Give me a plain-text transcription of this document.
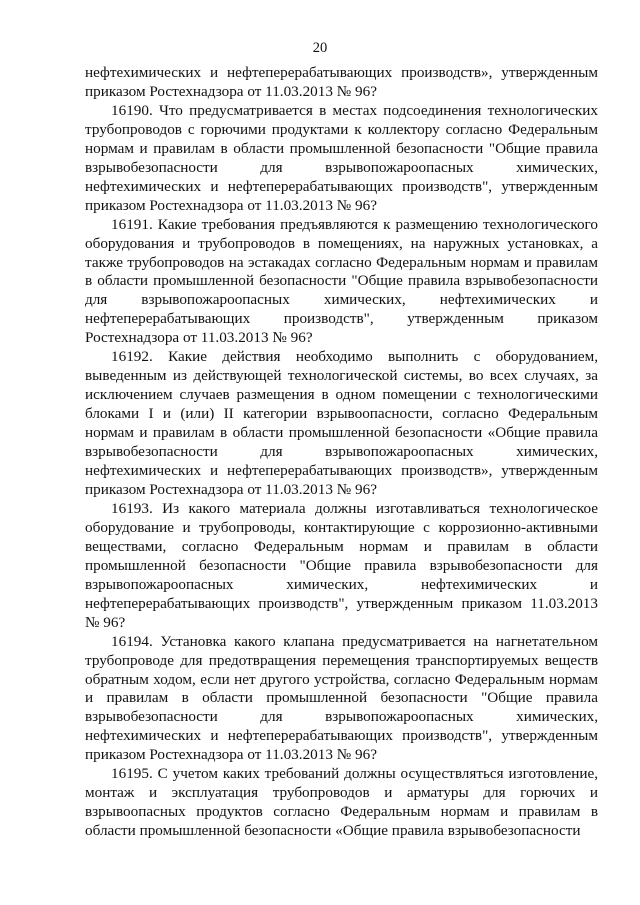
20

нефтехимических и нефтеперерабатывающих производств», утвержденным приказом Ростехнадзора от 11.03.2013 № 96?

16190. Что предусматривается в местах подсоединения технологических трубопроводов с горючими продуктами к коллектору согласно Федеральным нормам и правилам в области промышленной безопасности "Общие правила взрывобезопасности для взрывопожароопасных химических, нефтехимических и нефтеперерабатывающих производств", утвержденным приказом Ростехнадзора от 11.03.2013 № 96?

16191. Какие требования предъявляются к размещению технологического оборудования и трубопроводов в помещениях, на наружных установках, а также трубопроводов на эстакадах согласно Федеральным нормам и правилам в области промышленной безопасности "Общие правила взрывобезопасности для взрывопожароопасных химических, нефтехимических и нефтеперерабатывающих производств", утвержденным приказом Ростехнадзора от 11.03.2013 № 96?

16192. Какие действия необходимо выполнить с оборудованием, выведенным из действующей технологической системы, во всех случаях, за исключением случаев размещения в одном помещении с технологическими блоками I и (или) II категории взрывоопасности, согласно Федеральным нормам и правилам в области промышленной безопасности «Общие правила взрывобезопасности для взрывопожароопасных химических, нефтехимических и нефтеперерабатывающих производств», утвержденным приказом Ростехнадзора от 11.03.2013 № 96?

16193. Из какого материала должны изготавливаться технологическое оборудование и трубопроводы, контактирующие с коррозионно-активными веществами, согласно Федеральным нормам и правилам в области промышленной безопасности "Общие правила взрывобезопасности для взрывопожароопасных химических, нефтехимических и нефтеперерабатывающих производств", утвержденным приказом 11.03.2013 № 96?

16194. Установка какого клапана предусматривается на нагнетательном трубопроводе для предотвращения перемещения транспортируемых веществ обратным ходом, если нет другого устройства, согласно Федеральным нормам и правилам в области промышленной безопасности "Общие правила взрывобезопасности для взрывопожароопасных химических, нефтехимических и нефтеперерабатывающих производств", утвержденным приказом Ростехнадзора от 11.03.2013 № 96?

16195. С учетом каких требований должны осуществляться изготовление, монтаж и эксплуатация трубопроводов и арматуры для горючих и взрывоопасных продуктов согласно Федеральным нормам и правилам в области промышленной безопасности «Общие правила взрывобезопасности
